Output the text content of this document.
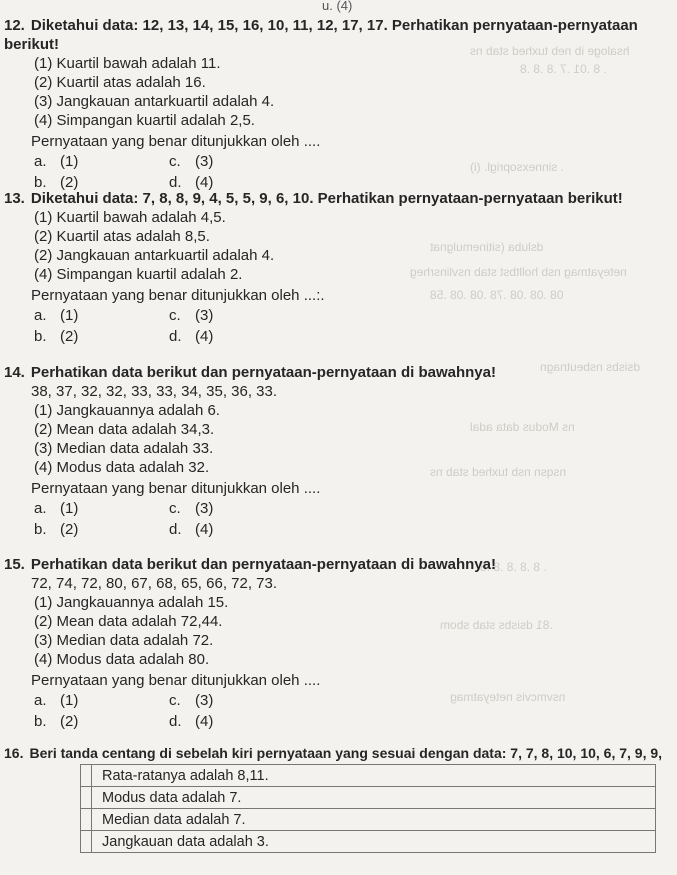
hsaloge ib neb tuxhed stab ns
. 8 .01 .7 .8 .8 .8
. sinnexsoprigl. (i)
dsluba (sitinemulgnat
neteyatmag nsb holltbst stab nsvlinsrheg
08 .08 .08 .78 .08 .08 .58
dsisbs nsbeutnagn
ns Modus data adal
nsqsn nsb tuxhed stab ns
. 8 .8 .8 .8 .8
.81 dsisbs stab sbom
nsvmcvis neteyatmag
u. (4)
12. Diketahui data: 12, 13, 14, 15, 16, 10, 11, 12, 17, 17. Perhatikan pernyataan-pernyataan berikut!
(1) Kuartil bawah adalah 11.
(2) Kuartil atas adalah 16.
(3) Jangkauan antarkuartil adalah 4.
(4) Simpangan kuartil adalah 2,5.
Pernyataan yang benar ditunjukkan oleh ....
a. (1)	c. (3)
b. (2)	d. (4)
13. Diketahui data: 7, 8, 8, 9, 4, 5, 5, 9, 6, 10. Perhatikan pernyataan-pernyataan berikut!
(1) Kuartil bawah adalah 4,5.
(2) Kuartil atas adalah 8,5.
(2) Jangkauan antarkuartil adalah 4.
(4) Simpangan kuartil adalah 2.
Pernyataan yang benar ditunjukkan oleh ...:.
a. (1)	c. (3)
b. (2)	d. (4)
14. Perhatikan data berikut dan pernyataan-pernyataan di bawahnya!
38, 37, 32, 32, 33, 33, 34, 35, 36, 33.
(1) Jangkauannya adalah 6.
(2) Mean data adalah 34,3.
(3) Median data adalah 33.
(4) Modus data adalah 32.
Pernyataan yang benar ditunjukkan oleh ....
a. (1)	c. (3)
b. (2)	d. (4)
15. Perhatikan data berikut dan pernyataan-pernyataan di bawahnya!
72, 74, 72, 80, 67, 68, 65, 66, 72, 73.
(1) Jangkauannya adalah 15.
(2) Mean data adalah 72,44.
(3) Median data adalah 72.
(4) Modus data adalah 80.
Pernyataan yang benar ditunjukkan oleh ....
a. (1)	c. (3)
b. (2)	d. (4)
16. Beri tanda centang di sebelah kiri pernyataan yang sesuai dengan data: 7, 7, 8, 10, 10, 6, 7, 9, 9,
	Rata-ratanya adalah 8,11.
	Modus data adalah 7.
	Median data adalah 7.
	Jangkauan data adalah 3.
